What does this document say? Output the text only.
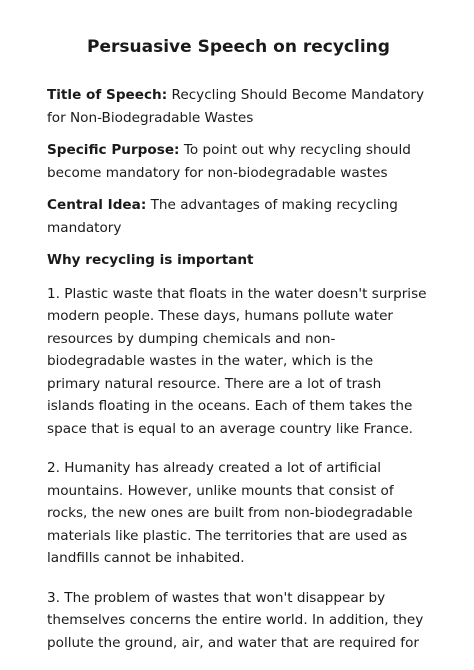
Persuasive Speech on recycling

Title of Speech: Recycling Should Become Mandatory for Non-Biodegradable Wastes

Specific Purpose: To point out why recycling should become mandatory for non-biodegradable wastes

Central Idea: The advantages of making recycling mandatory

Why recycling is important

1. Plastic waste that floats in the water doesn't surprise modern people. These days, humans pollute water resources by dumping chemicals and non-biodegradable wastes in the water, which is the primary natural resource. There are a lot of trash islands floating in the oceans. Each of them takes the space that is equal to an average country like France.

2. Humanity has already created a lot of artificial mountains. However, unlike mounts that consist of rocks, the new ones are built from non-biodegradable materials like plastic. The territories that are used as landfills cannot be inhabited.

3. The problem of wastes that won't disappear by themselves concerns the entire world. In addition, they pollute the ground, air, and water that are required for
